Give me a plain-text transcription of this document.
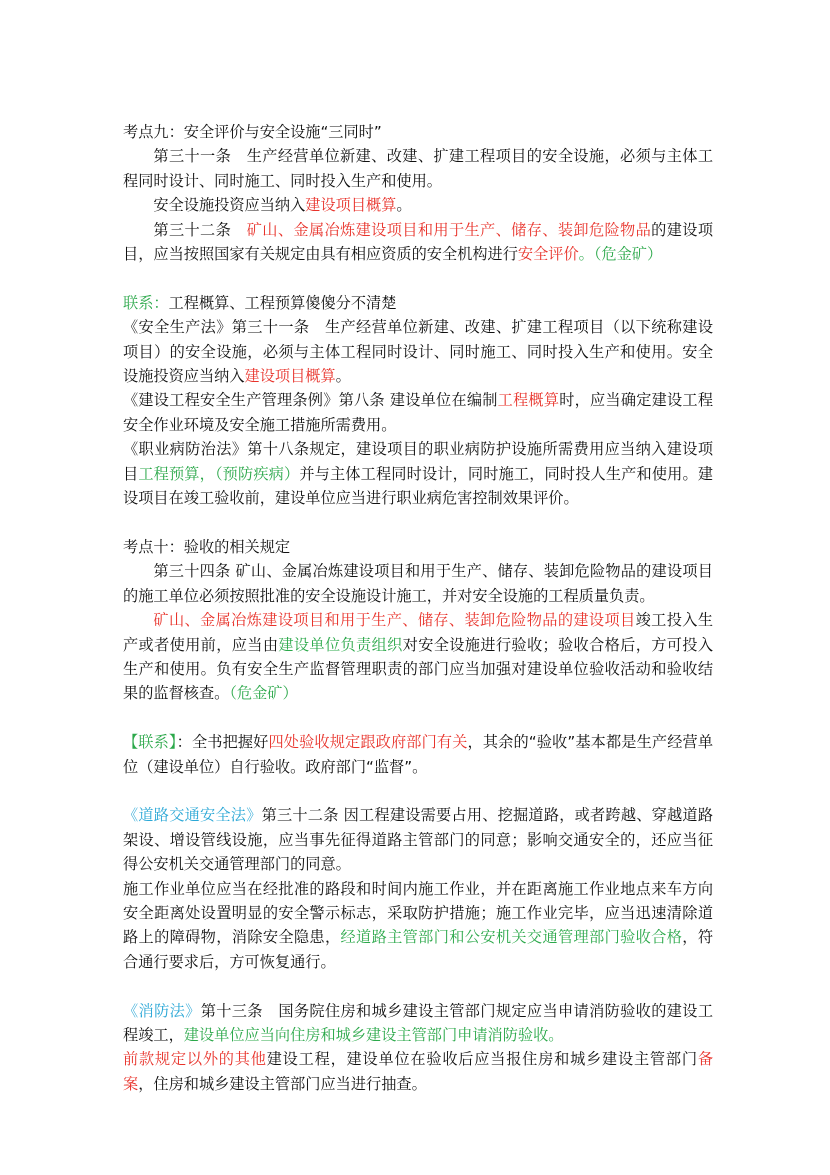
考点九：安全评价与安全设施“三同时”

第三十一条　生产经营单位新建、改建、扩建工程项目的安全设施，必须与主体工程同时设计、同时施工、同时投入生产和使用。

安全设施投资应当纳入建设项目概算。

第三十二条　矿山、金属冶炼建设项目和用于生产、储存、装卸危险物品的建设项目，应当按照国家有关规定由具有相应资质的安全机构进行安全评价。（危金矿）

联系：工程概算、工程预算傻傻分不清楚

《安全生产法》第三十一条　生产经营单位新建、改建、扩建工程项目（以下统称建设项目）的安全设施，必须与主体工程同时设计、同时施工、同时投入生产和使用。安全设施投资应当纳入建设项目概算。

《建设工程安全生产管理条例》第八条 建设单位在编制工程概算时，应当确定建设工程安全作业环境及安全施工措施所需费用。

《职业病防治法》第十八条规定，建设项目的职业病防护设施所需费用应当纳入建设项目工程预算，（预防疾病）并与主体工程同时设计，同时施工，同时投人生产和使用。建设项目在竣工验收前，建设单位应当进行职业病危害控制效果评价。

考点十：验收的相关规定

第三十四条 矿山、金属冶炼建设项目和用于生产、储存、装卸危险物品的建设项目的施工单位必须按照批准的安全设施设计施工，并对安全设施的工程质量负责。

矿山、金属冶炼建设项目和用于生产、储存、装卸危险物品的建设项目竣工投入生产或者使用前，应当由建设单位负责组织对安全设施进行验收；验收合格后，方可投入生产和使用。负有安全生产监督管理职责的部门应当加强对建设单位验收活动和验收结果的监督核查。（危金矿）

【联系】：全书把握好四处验收规定跟政府部门有关，其余的“验收”基本都是生产经营单位（建设单位）自行验收。政府部门“监督”。

《道路交通安全法》第三十二条 因工程建设需要占用、挖掘道路，或者跨越、穿越道路架设、增设管线设施，应当事先征得道路主管部门的同意；影响交通安全的，还应当征得公安机关交通管理部门的同意。

施工作业单位应当在经批准的路段和时间内施工作业，并在距离施工作业地点来车方向安全距离处设置明显的安全警示标志，采取防护措施；施工作业完毕，应当迅速清除道路上的障碍物，消除安全隐患，经道路主管部门和公安机关交通管理部门验收合格，符合通行要求后，方可恢复通行。

《消防法》第十三条　国务院住房和城乡建设主管部门规定应当申请消防验收的建设工程竣工，建设单位应当向住房和城乡建设主管部门申请消防验收。

前款规定以外的其他建设工程，建设单位在验收后应当报住房和城乡建设主管部门备案，住房和城乡建设主管部门应当进行抽查。
